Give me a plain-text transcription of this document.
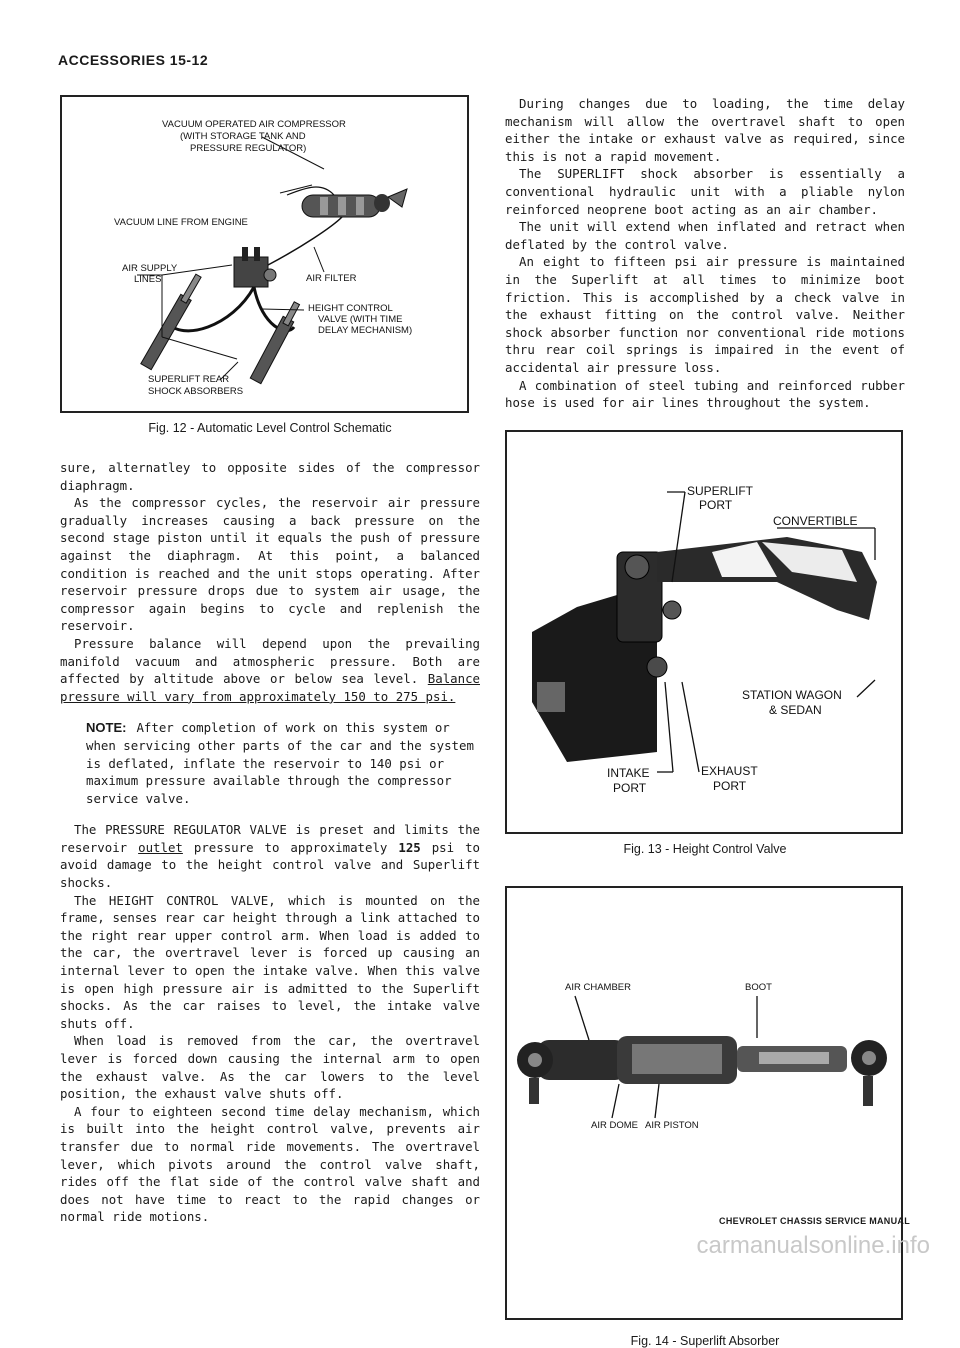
ACCESSORIES 15-12
VACUUM OPERATED AIR COMPRESSOR
(WITH STORAGE TANK AND
PRESSURE REGULATOR)
VACUUM LINE FROM ENGINE
AIR SUPPLY
LINES	AIR FILTER
HEIGHT CONTROL
VALVE (WITH TIME
DELAY MECHANISM)
SUPERLIFT REAR
SHOCK ABSORBERS
Fig. 12 - Automatic Level Control Schematic

sure, alternatley to opposite sides of the compressor diaphragm.

As the compressor cycles, the reservoir air pressure gradually increases causing a back pressure on the second stage piston until it equals the push of pressure against the diaphragm. At this point, a balanced condition is reached and the unit stops operating. After reservoir pressure drops due to system air usage, the compressor again begins to cycle and replenish the reservoir.

Pressure balance will depend upon the prevailing manifold vacuum and atmospheric pressure. Both are affected by altitude above or below sea level. Balance pressure will vary from approximately 150 to 275 psi.

NOTE: After completion of work on this system or when servicing other parts of the car and the system is deflated, inflate the reservoir to 140 psi or maximum pressure available through the compressor service valve.

The PRESSURE REGULATOR VALVE is preset and limits the reservoir outlet pressure to approximately 125 psi to avoid damage to the height control valve and Superlift shocks.

The HEIGHT CONTROL VALVE, which is mounted on the frame, senses rear car height through a link attached to the right rear upper control arm. When load is added to the car, the overtravel lever is forced up causing an internal lever to open the intake valve. When this valve is open high pressure air is admitted to the Superlift shocks. As the car raises to level, the intake valve shuts off.

When load is removed from the car, the overtravel lever is forced down causing the internal arm to open the exhaust valve. As the car lowers to the level position, the exhaust valve shuts off.

A four to eighteen second time delay mechanism, which is built into the height control valve, prevents air transfer due to normal ride movements. The overtravel lever, which pivots around the control valve shaft, rides off the flat side of the control valve shaft and does not have time to react to the rapid changes or normal ride motions.

During changes due to loading, the time delay mechanism will allow the overtravel shaft to open either the intake or exhaust valve as required, since this is not a rapid movement.

The SUPERLIFT shock absorber is essentially a conventional hydraulic unit with a pliable nylon reinforced neoprene boot acting as an air chamber.

The unit will extend when inflated and retract when deflated by the control valve.

An eight to fifteen psi air pressure is maintained in the Superlift at all times to minimize boot friction. This is accomplished by a check valve in the exhaust fitting on the control valve. Neither shock absorber function nor conventional ride motions thru rear coil springs is impaired in the event of accidental air pressure loss.

A combination of steel tubing and reinforced rubber hose is used for air lines throughout the system.

SUPERLIFT
PORT
CONVERTIBLE
STATION WAGON
& SEDAN
INTAKE
PORT
EXHAUST
PORT
Fig. 13 - Height Control Valve
AIR CHAMBER	BOOT
AIR DOME AIR PISTON
Fig. 14 - Superlift Absorber
CHEVROLET CHASSIS SERVICE MANUAL
carmanualsonline.info
